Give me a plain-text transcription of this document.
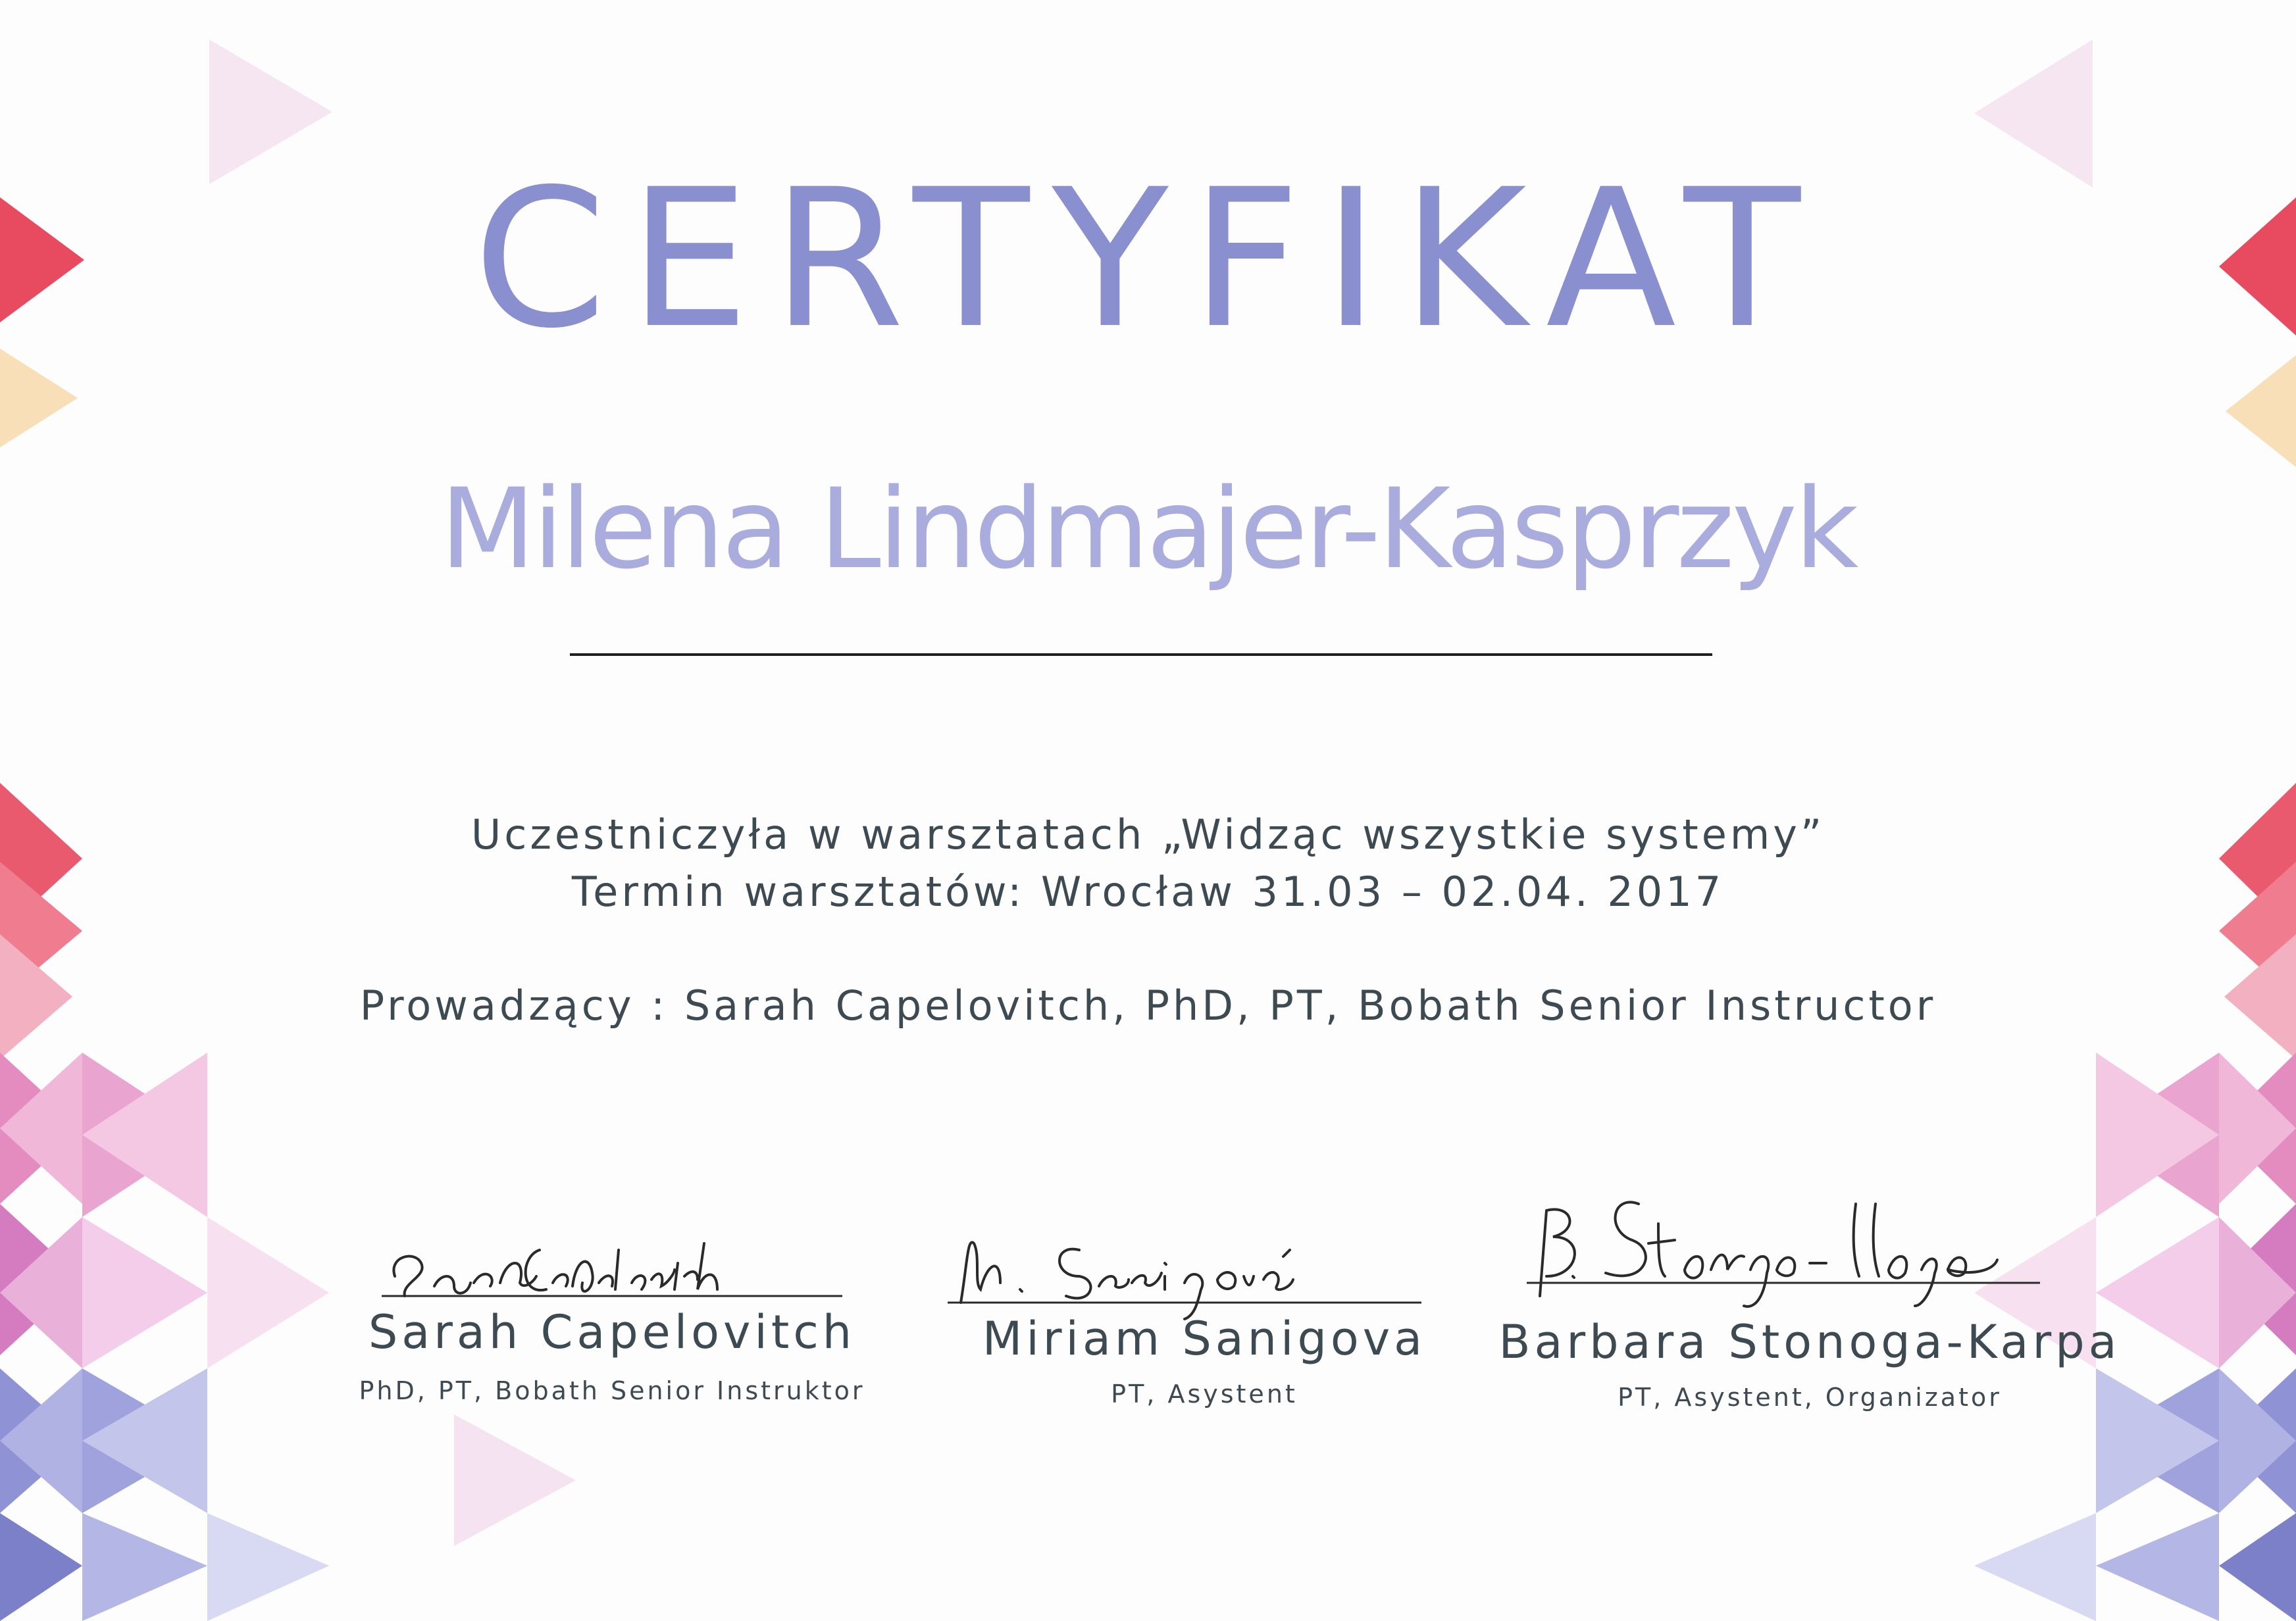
CERTYFIKAT
Milena Lindmajer-Kasprzyk
Uczestniczyła w warsztatach „Widząc wszystkie systemy”
Termin warsztatów: Wrocław 31.03 – 02.04. 2017
Prowadzący : Sarah Capelovitch, PhD, PT, Bobath Senior Instructor
Sarah Capelovitch
PhD, PT, Bobath Senior Instruktor
Miriam Sanigova
PT, Asystent
Barbara Stonoga-Karpa
PT, Asystent, Organizator
